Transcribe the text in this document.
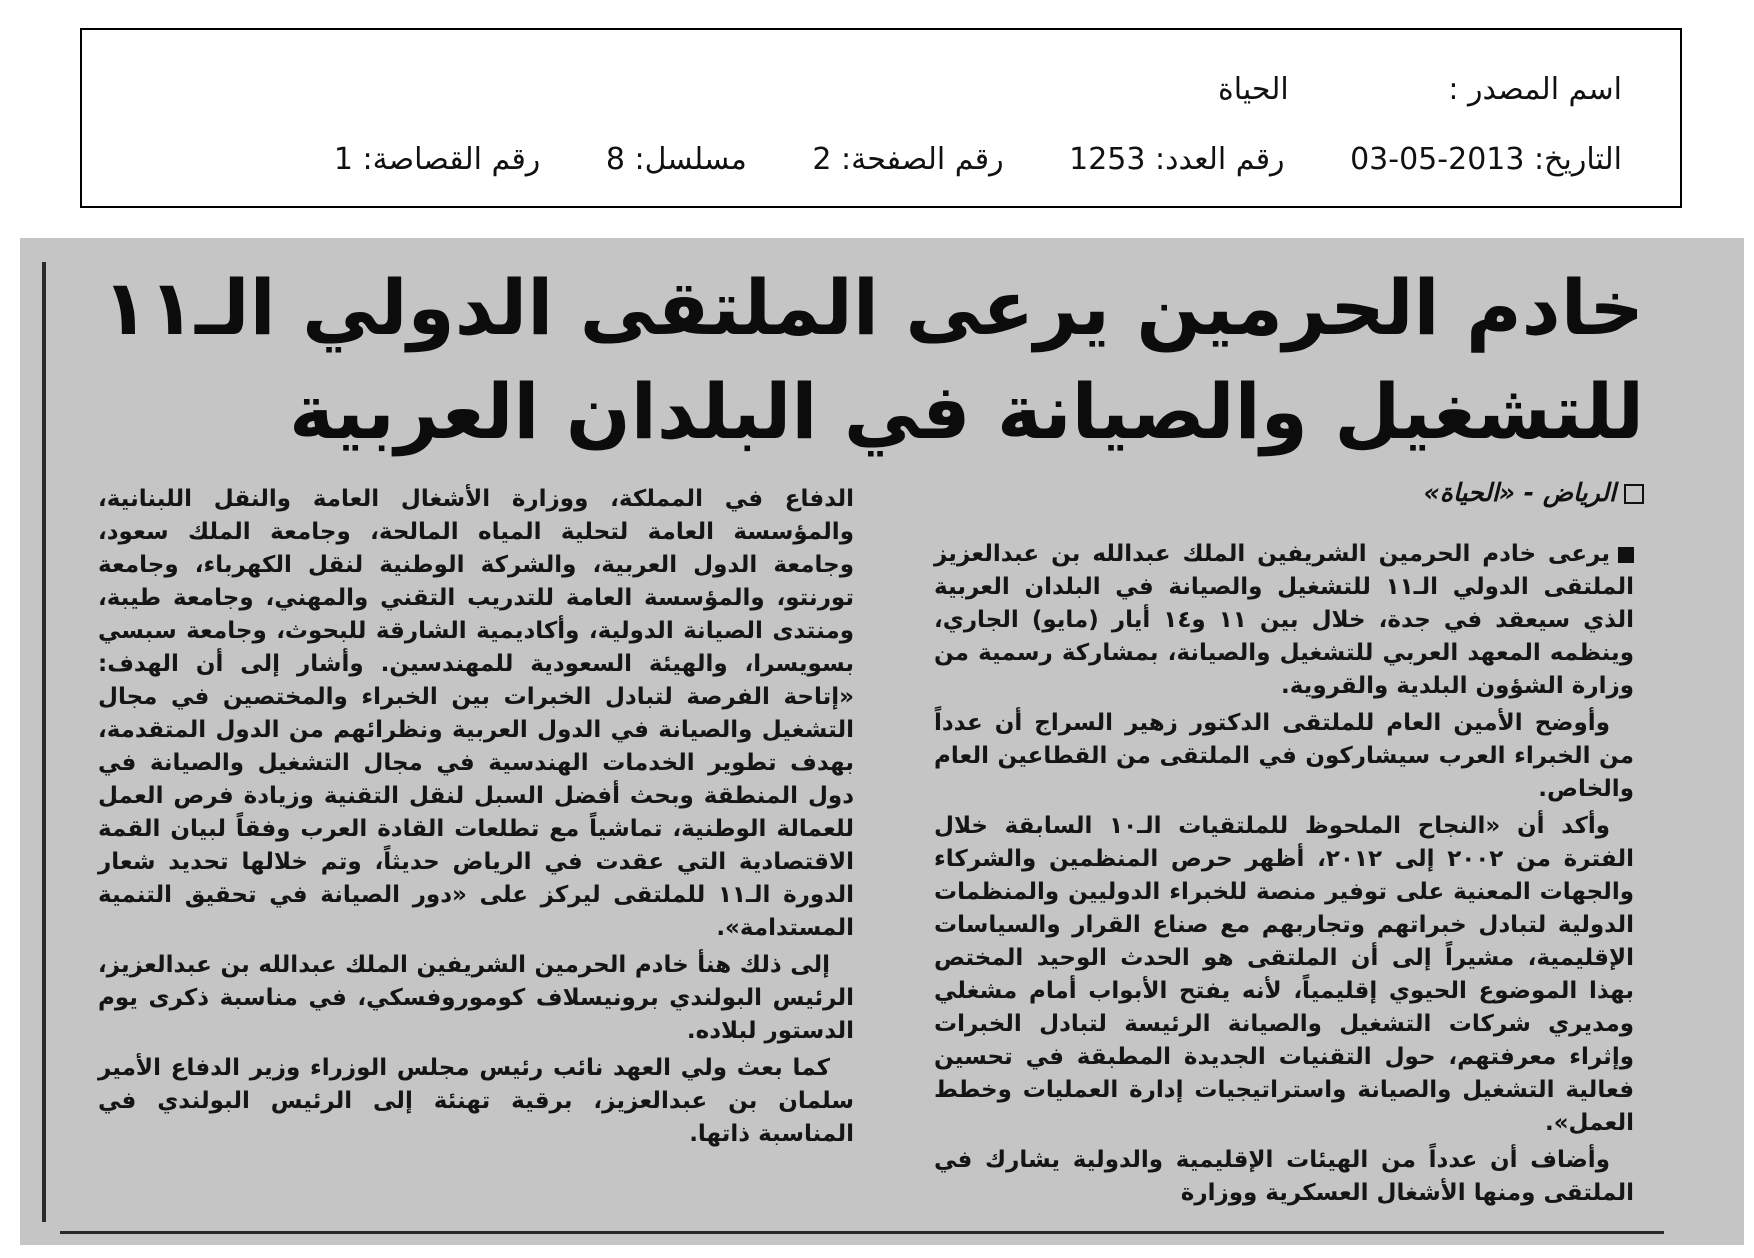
اسم المصدر : الحياة
التاريخ: 2013-05-03 رقم العدد: 1253 رقم الصفحة: 2 مسلسل: 8 رقم القصاصة: 1
خادم الحرمين يرعى الملتقى الدولي الـ١١
للتشغيل والصيانة في البلدان العربية
الرياض - «الحياة»

يرعى خادم الحرمين الشريفين الملك عبدالله بن عبدالعزيز الملتقى الدولي الـ١١ للتشغيل والصيانة في البلدان العربية الذي سيعقد في جدة، خلال بين ١١ و١٤ أيار (مايو) الجاري، وينظمه المعهد العربي للتشغيل والصيانة، بمشاركة رسمية من وزارة الشؤون البلدية والقروية.

وأوضح الأمين العام للملتقى الدكتور زهير السراج أن عدداً من الخبراء العرب سيشاركون في الملتقى من القطاعين العام والخاص.

وأكد أن «النجاح الملحوظ للملتقيات الـ١٠ السابقة خلال الفترة من ٢٠٠٢ إلى ٢٠١٢، أظهر حرص المنظمين والشركاء والجهات المعنية على توفير منصة للخبراء الدوليين والمنظمات الدولية لتبادل خبراتهم وتجاربهم مع صناع القرار والسياسات الإقليمية، مشيراً إلى أن الملتقى هو الحدث الوحيد المختص بهذا الموضوع الحيوي إقليمياً، لأنه يفتح الأبواب أمام مشغلي ومديري شركات التشغيل والصيانة الرئيسة لتبادل الخبرات وإثراء معرفتهم، حول التقنيات الجديدة المطبقة في تحسين فعالية التشغيل والصيانة واستراتيجيات إدارة العمليات وخطط العمل».

وأضاف أن عدداً من الهيئات الإقليمية والدولية يشارك في الملتقى ومنها الأشغال العسكرية ووزارة

الدفاع في المملكة، ووزارة الأشغال العامة والنقل اللبنانية، والمؤسسة العامة لتحلية المياه المالحة، وجامعة الملك سعود، وجامعة الدول العربية، والشركة الوطنية لنقل الكهرباء، وجامعة تورنتو، والمؤسسة العامة للتدريب التقني والمهني، وجامعة طيبة، ومنتدى الصيانة الدولية، وأكاديمية الشارقة للبحوث، وجامعة سبسي بسويسرا، والهيئة السعودية للمهندسين. وأشار إلى أن الهدف: «إتاحة الفرصة لتبادل الخبرات بين الخبراء والمختصين في مجال التشغيل والصيانة في الدول العربية ونظرائهم من الدول المتقدمة، بهدف تطوير الخدمات الهندسية في مجال التشغيل والصيانة في دول المنطقة وبحث أفضل السبل لنقل التقنية وزيادة فرص العمل للعمالة الوطنية، تماشياً مع تطلعات القادة العرب وفقاً لبيان القمة الاقتصادية التي عقدت في الرياض حديثاً، وتم خلالها تحديد شعار الدورة الـ١١ للملتقى ليركز على «دور الصيانة في تحقيق التنمية المستدامة».

إلى ذلك هنأ خادم الحرمين الشريفين الملك عبدالله بن عبدالعزيز، الرئيس البولندي برونيسلاف كوموروفسكي، في مناسبة ذكرى يوم الدستور لبلاده.

كما بعث ولي العهد نائب رئيس مجلس الوزراء وزير الدفاع الأمير سلمان بن عبدالعزيز، برقية تهنئة إلى الرئيس البولندي في المناسبة ذاتها.
